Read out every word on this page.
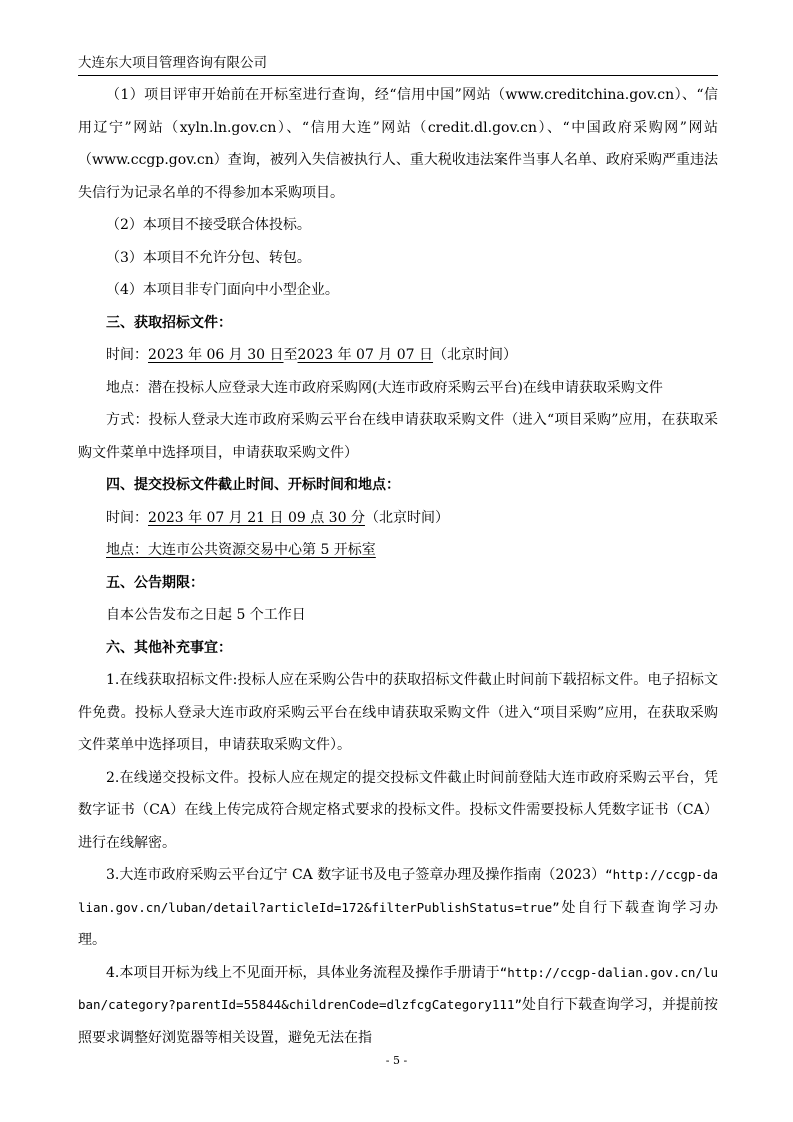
大连东大项目管理咨询有限公司

（1）项目评审开始前在开标室进行查询，经“信用中国”网站（www.creditchina.gov.cn）、“信用辽宁”网站（xyln.ln.gov.cn）、“信用大连”网站（credit.dl.gov.cn）、“中国政府采购网”网站（www.ccgp.gov.cn）查询，被列入失信被执行人、重大税收违法案件当事人名单、政府采购严重违法失信行为记录名单的不得参加本采购项目。

（2）本项目不接受联合体投标。

（3）本项目不允许分包、转包。

（4）本项目非专门面向中小型企业。

三、获取招标文件：

时间：2023 年 06 月 30 日至2023 年 07 月 07 日（北京时间）

地点：潜在投标人应登录大连市政府采购网(大连市政府采购云平台)在线申请获取采购文件

方式：投标人登录大连市政府采购云平台在线申请获取采购文件（进入“项目采购”应用，在获取采购文件菜单中选择项目，申请获取采购文件）

四、提交投标文件截止时间、开标时间和地点：

时间：2023 年 07 月 21 日 09 点 30 分（北京时间）

地点：大连市公共资源交易中心第 5 开标室

五、公告期限：

自本公告发布之日起 5 个工作日

六、其他补充事宜：

1.在线获取招标文件:投标人应在采购公告中的获取招标文件截止时间前下载招标文件。电子招标文件免费。投标人登录大连市政府采购云平台在线申请获取采购文件（进入“项目采购”应用，在获取采购文件菜单中选择项目，申请获取采购文件）。

2.在线递交投标文件。投标人应在规定的提交投标文件截止时间前登陆大连市政府采购云平台，凭数字证书（CA）在线上传完成符合规定格式要求的投标文件。投标文件需要投标人凭数字证书（CA）进行在线解密。

3.大连市政府采购云平台辽宁 CA 数字证书及电子签章办理及操作指南（2023）“http://ccgp-dalian.gov.cn/luban/detail?articleId=172&filterPublishStatus=true”处自行下载查询学习办理。

4.本项目开标为线上不见面开标，具体业务流程及操作手册请于“http://ccgp-dalian.gov.cn/luban/category?parentId=55844&childrenCode=dlzfcgCategory111”处自行下载查询学习，并提前按照要求调整好浏览器等相关设置，避免无法在指

- 5 -
